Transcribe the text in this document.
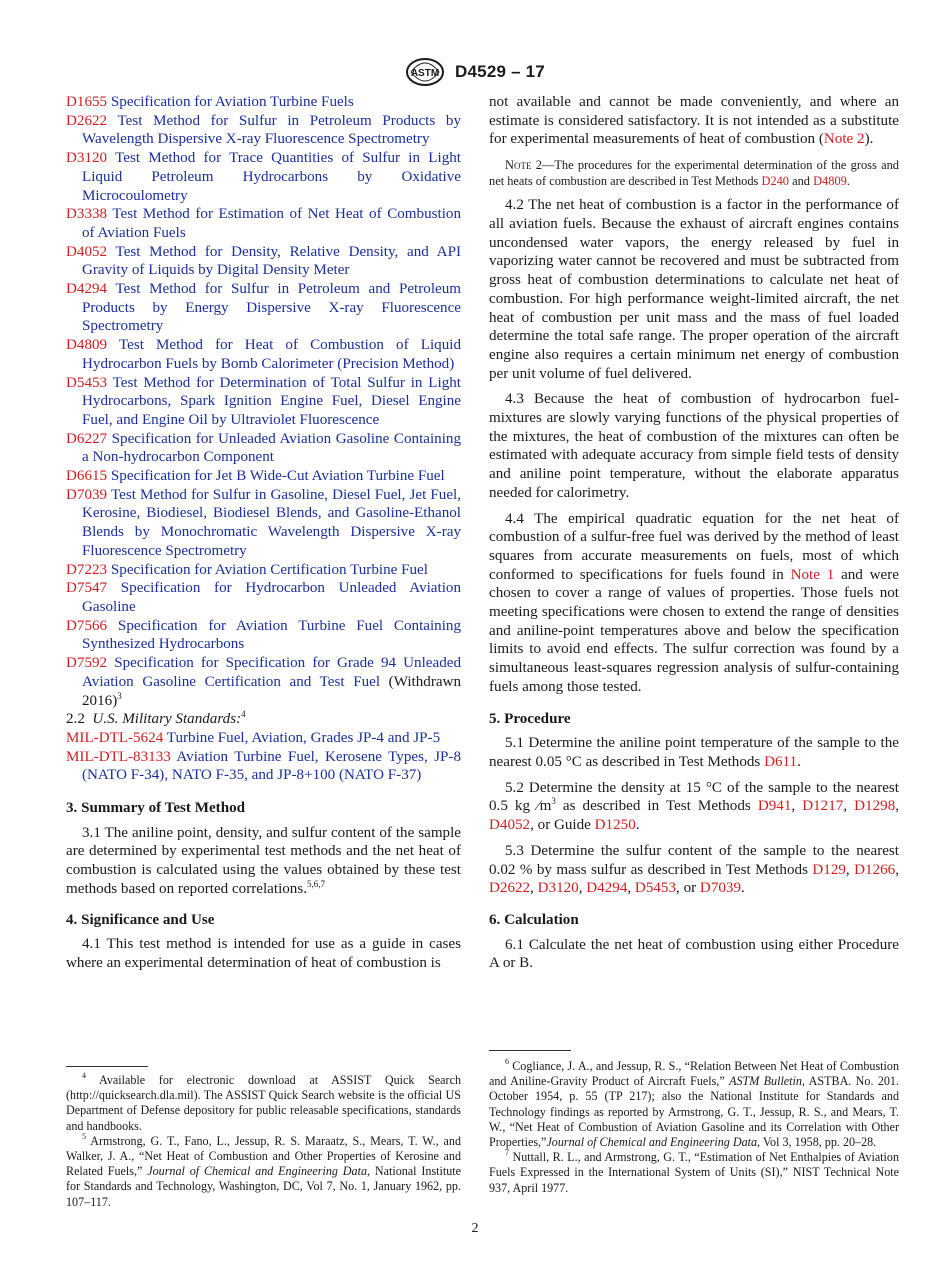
ASTM D4529 – 17

D1655 Specification for Aviation Turbine Fuels

D2622 Test Method for Sulfur in Petroleum Products by Wavelength Dispersive X-ray Fluorescence Spectrometry

D3120 Test Method for Trace Quantities of Sulfur in Light Liquid Petroleum Hydrocarbons by Oxidative Microcoulometry

D3338 Test Method for Estimation of Net Heat of Combustion of Aviation Fuels

D4052 Test Method for Density, Relative Density, and API Gravity of Liquids by Digital Density Meter

D4294 Test Method for Sulfur in Petroleum and Petroleum Products by Energy Dispersive X-ray Fluorescence Spectrometry

D4809 Test Method for Heat of Combustion of Liquid Hydrocarbon Fuels by Bomb Calorimeter (Precision Method)

D5453 Test Method for Determination of Total Sulfur in Light Hydrocarbons, Spark Ignition Engine Fuel, Diesel Engine Fuel, and Engine Oil by Ultraviolet Fluorescence

D6227 Specification for Unleaded Aviation Gasoline Containing a Non-hydrocarbon Component

D6615 Specification for Jet B Wide-Cut Aviation Turbine Fuel

D7039 Test Method for Sulfur in Gasoline, Diesel Fuel, Jet Fuel, Kerosine, Biodiesel, Biodiesel Blends, and Gasoline-Ethanol Blends by Monochromatic Wavelength Dispersive X-ray Fluorescence Spectrometry

D7223 Specification for Aviation Certification Turbine Fuel

D7547 Specification for Hydrocarbon Unleaded Aviation Gasoline

D7566 Specification for Aviation Turbine Fuel Containing Synthesized Hydrocarbons

D7592 Specification for Specification for Grade 94 Unleaded Aviation Gasoline Certification and Test Fuel (Withdrawn 2016)$^3$

2.2 U.S. Military Standards:$^4$

MIL-DTL-5624 Turbine Fuel, Aviation, Grades JP-4 and JP-5

MIL-DTL-83133 Aviation Turbine Fuel, Kerosene Types, JP-8 (NATO F-34), NATO F-35, and JP-8+100 (NATO F-37)

3. Summary of Test Method

3.1 The aniline point, density, and sulfur content of the sample are determined by experimental test methods and the net heat of combustion is calculated using the values obtained by these test methods based on reported correlations.$^{5,6,7}$

4. Significance and Use

4.1 This test method is intended for use as a guide in cases where an experimental determination of heat of combustion is

not available and cannot be made conveniently, and where an estimate is considered satisfactory. It is not intended as a substitute for experimental measurements of heat of combustion (Note 2).

Note 2—The procedures for the experimental determination of the gross and net heats of combustion are described in Test Methods D240 and D4809.

4.2 The net heat of combustion is a factor in the performance of all aviation fuels. Because the exhaust of aircraft engines contains uncondensed water vapors, the energy released by fuel in vaporizing water cannot be recovered and must be subtracted from gross heat of combustion determinations to calculate net heat of combustion. For high performance weight-limited aircraft, the net heat of combustion per unit mass and the mass of fuel loaded determine the total safe range. The proper operation of the aircraft engine also requires a certain minimum net energy of combustion per unit volume of fuel delivered.

4.3 Because the heat of combustion of hydrocarbon fuel-mixtures are slowly varying functions of the physical properties of the mixtures, the heat of combustion of the mixtures can often be estimated with adequate accuracy from simple field tests of density and aniline point temperature, without the elaborate apparatus needed for calorimetry.

4.4 The empirical quadratic equation for the net heat of combustion of a sulfur-free fuel was derived by the method of least squares from accurate measurements on fuels, most of which conformed to specifications for fuels found in Note 1 and were chosen to cover a range of values of properties. Those fuels not meeting specifications were chosen to extend the range of densities and aniline-point temperatures above and below the specification limits to avoid end effects. The sulfur correction was found by a simultaneous least-squares regression analysis of sulfur-containing fuels among those tested.

5. Procedure

5.1 Determine the aniline point temperature of the sample to the nearest 0.05 °C as described in Test Methods D611.

5.2 Determine the density at 15 °C of the sample to the nearest 0.5 kg $⁄m^3$ as described in Test Methods D941, D1217, D1298, D4052, or Guide D1250.

5.3 Determine the sulfur content of the sample to the nearest 0.02 % by mass sulfur as described in Test Methods D129, D1266, D2622, D3120, D4294, D5453, or D7039.

6. Calculation

6.1 Calculate the net heat of combustion using either Procedure A or B.

$^4$ Available for electronic download at ASSIST Quick Search (http://quicksearch.dla.mil). The ASSIST Quick Search website is the official US Department of Defense depository for public releasable specifications, standards and handbooks.

$^5$ Armstrong, G. T., Fano, L., Jessup, R. S. Maraatz, S., Mears, T. W., and Walker, J. A., “Net Heat of Combustion and Other Properties of Kerosine and Related Fuels,” Journal of Chemical and Engineering Data, National Institute for Standards and Technology, Washington, DC, Vol 7, No. 1, January 1962, pp. 107–117.

$^6$ Cogliance, J. A., and Jessup, R. S., “Relation Between Net Heat of Combustion and Aniline-Gravity Product of Aircraft Fuels,” ASTM Bulletin, ASTBA. No. 201. October 1954, p. 55 (TP 217); also the National Institute for Standards and Technology findings as reported by Armstrong, G. T., Jessup, R. S., and Mears, T. W., “Net Heat of Combustion of Aviation Gasoline and its Correlation with Other Properties,”Journal of Chemical and Engineering Data, Vol 3, 1958, pp. 20–28.

$^7$ Nuttall, R. L., and Armstrong, G. T., “Estimation of Net Enthalpies of Aviation Fuels Expressed in the International System of Units (SI),” NIST Technical Note 937, April 1977.

2
